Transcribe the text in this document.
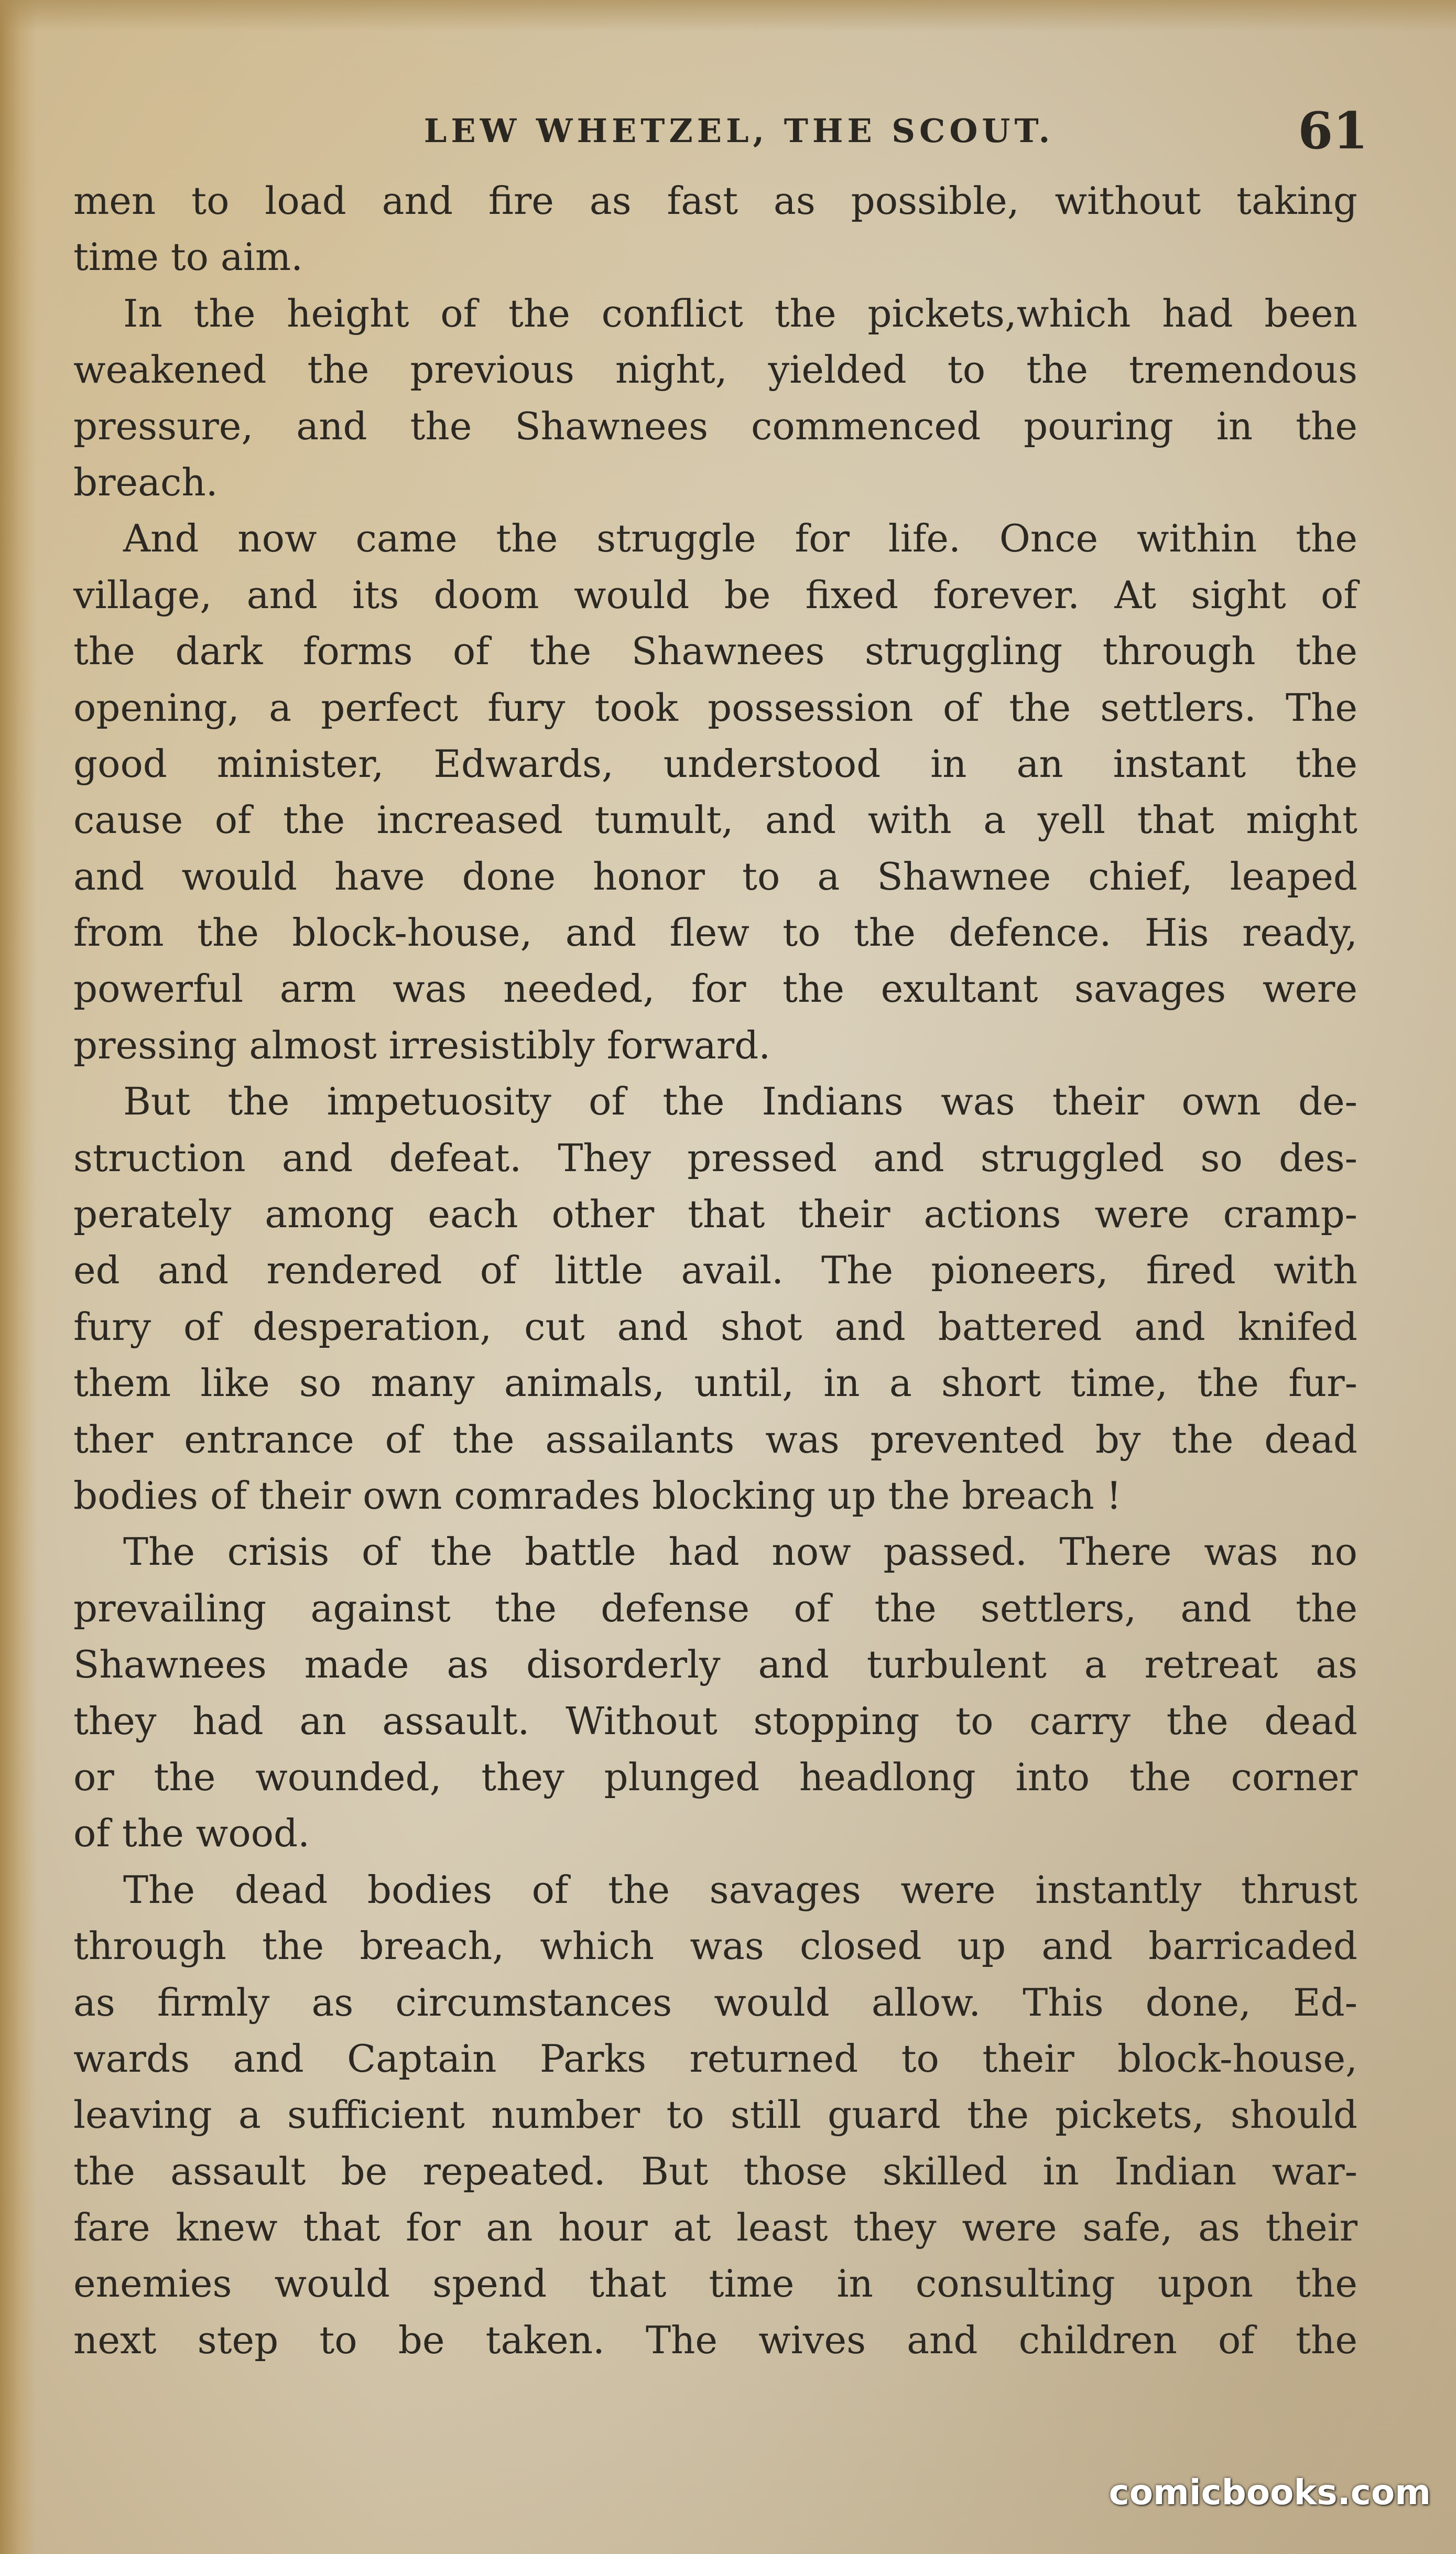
LEW WHETZEL, THE SCOUT.	61
men to load and fire as fast as possible, without taking
time to aim.
In the height of the conflict the pickets,which had been
weakened the previous night, yielded to the tremendous
pressure, and the Shawnees commenced pouring in the
breach.
And now came the struggle for life. Once within the
village, and its doom would be fixed forever. At sight of
the dark forms of the Shawnees struggling through the
opening, a perfect fury took possession of the settlers. The
good minister, Edwards, understood in an instant the
cause of the increased tumult, and with a yell that might
and would have done honor to a Shawnee chief, leaped
from the block-house, and flew to the defence. His ready,
powerful arm was needed, for the exultant savages were
pressing almost irresistibly forward.
But the impetuosity of the Indians was their own de-
struction and defeat. They pressed and struggled so des-
perately among each other that their actions were cramp-
ed and rendered of little avail. The pioneers, fired with
fury of desperation, cut and shot and battered and knifed
them like so many animals, until, in a short time, the fur-
ther entrance of the assailants was prevented by the dead
bodies of their own comrades blocking up the breach !
The crisis of the battle had now passed. There was no
prevailing against the defense of the settlers, and the
Shawnees made as disorderly and turbulent a retreat as
they had an assault. Without stopping to carry the dead
or the wounded, they plunged headlong into the corner
of the wood.
The dead bodies of the savages were instantly thrust
through the breach, which was closed up and barricaded
as firmly as circumstances would allow. This done, Ed-
wards and Captain Parks returned to their block-house,
leaving a sufficient number to still guard the pickets, should
the assault be repeated. But those skilled in Indian war-
fare knew that for an hour at least they were safe, as their
enemies would spend that time in consulting upon the
next step to be taken. The wives and children of the
comicbooks.com
